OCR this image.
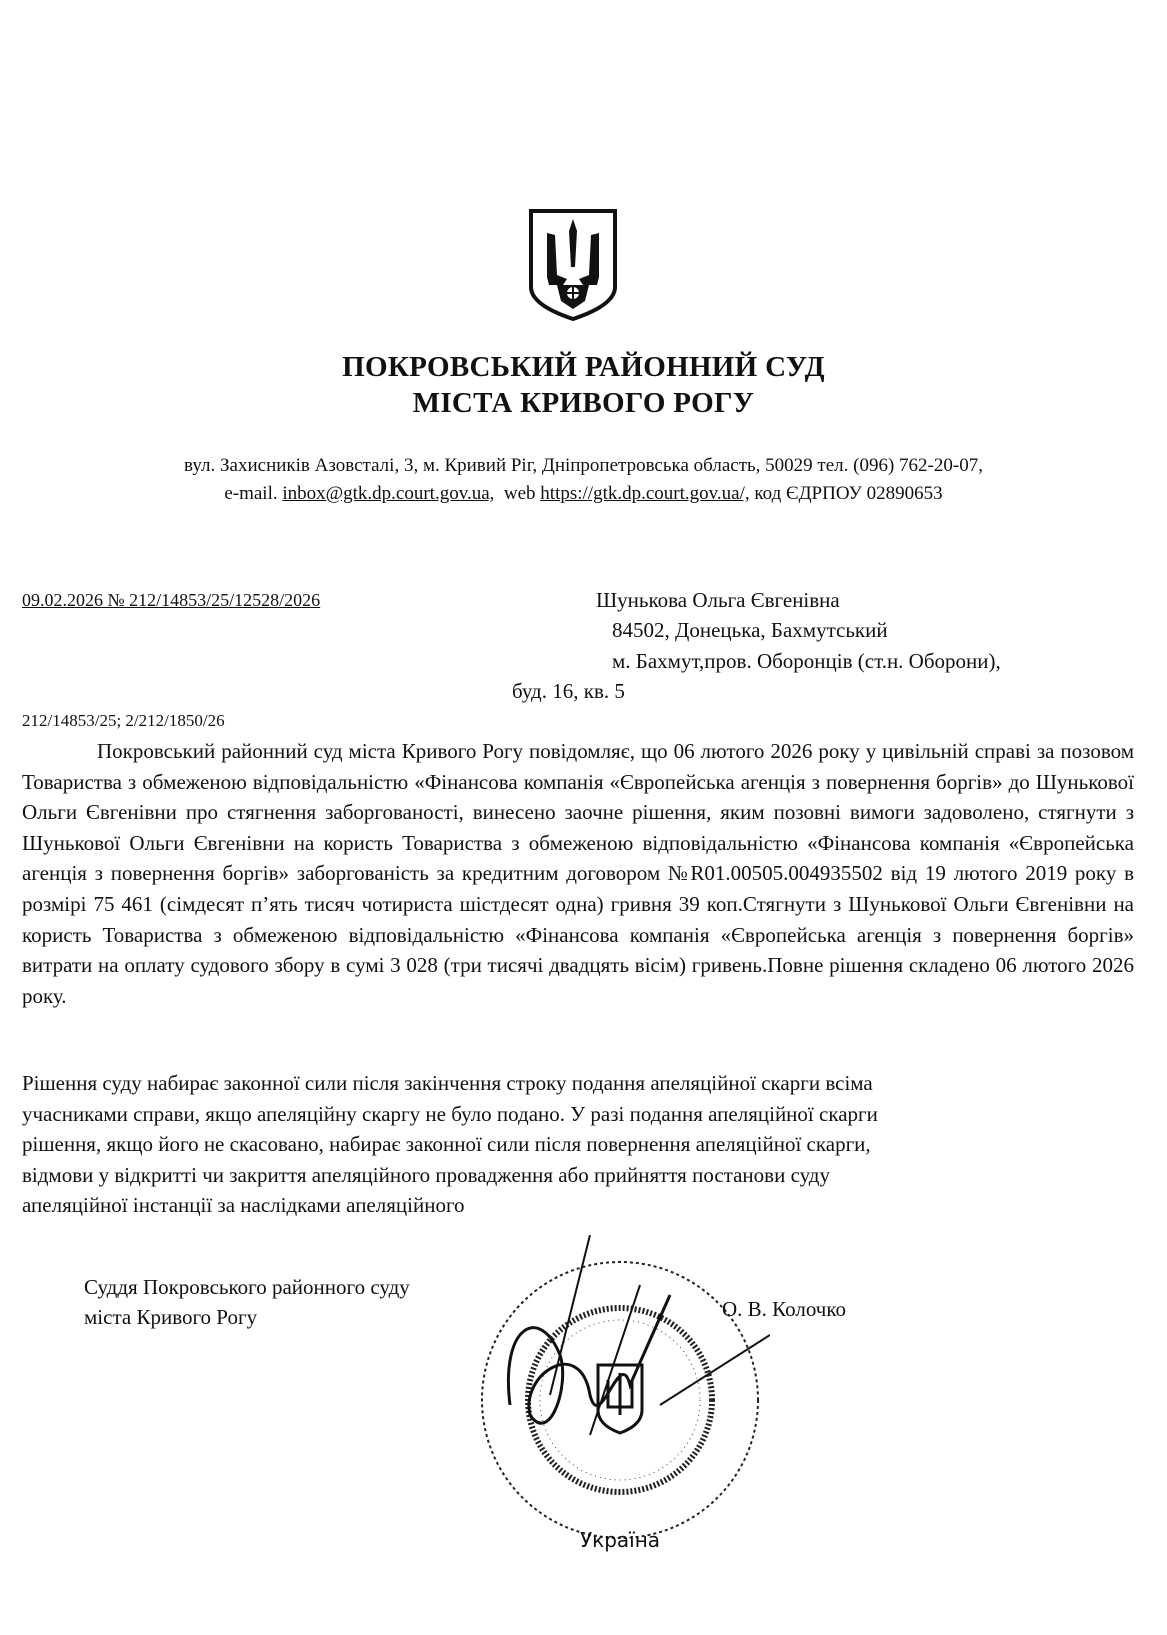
ПОКРОВСЬКИЙ РАЙОННИЙ СУД
МІСТА КРИВОГО РОГУ
вул. Захисників Азовсталі, 3, м. Кривий Ріг, Дніпропетровська область, 50029 тел. (096) 762-20-07,
e-mail. inbox@gtk.dp.court.gov.ua, web https://gtk.dp.court.gov.ua/, код ЄДРПОУ 02890653
09.02.2026 № 212/14853/25/12528/2026	Шунькова Ольга Євгенівна
84502, Донецька, Бахмутський
м. Бахмут,пров. Оборонців (ст.н. Оборони),
буд. 16, кв. 5
212/14853/25; 2/212/1850/26

Покровський районний суд міста Кривого Рогу повідомляє, що 06 лютого 2026 року у цивільній справі за позовом Товариства з обмеженою відповідальністю «Фінансова компанія «Європейська агенція з повернення боргів» до Шунькової Ольги Євгенівни про стягнення заборгованості, винесено заочне рішення, яким позовні вимоги задоволено, стягнути з Шунькової Ольги Євгенівни на користь Товариства з обмеженою відповідальністю «Фінансова компанія «Європейська агенція з повернення боргів» заборгованість за кредитним договором №R01.00505.004935502 від 19 лютого 2019 року в розмірі 75 461 (сімдесят п’ять тисяч чотириста шістдесят одна) гривня 39 коп.Стягнути з Шунькової Ольги Євгенівни на користь Товариства з обмеженою відповідальністю «Фінансова компанія «Європейська агенція з повернення боргів» витрати на оплату судового збору в сумі 3 028 (три тисячі двадцять вісім) гривень.Повне рішення складено 06 лютого 2026 року.

Рішення суду набирає законної сили після закінчення строку подання апеляційної скарги всіма
учасниками справи, якщо апеляційну скаргу не було подано. У разі подання апеляційної скарги
рішення, якщо його не скасовано, набирає законної сили після повернення апеляційної скарги,
відмови у відкритті чи закриття апеляційного провадження або прийняття постанови суду
апеляційної інстанції за наслідками апеляційного
Суддя Покровського районного суду
міста Кривого Рогу
Україна
О. В. Колочко
